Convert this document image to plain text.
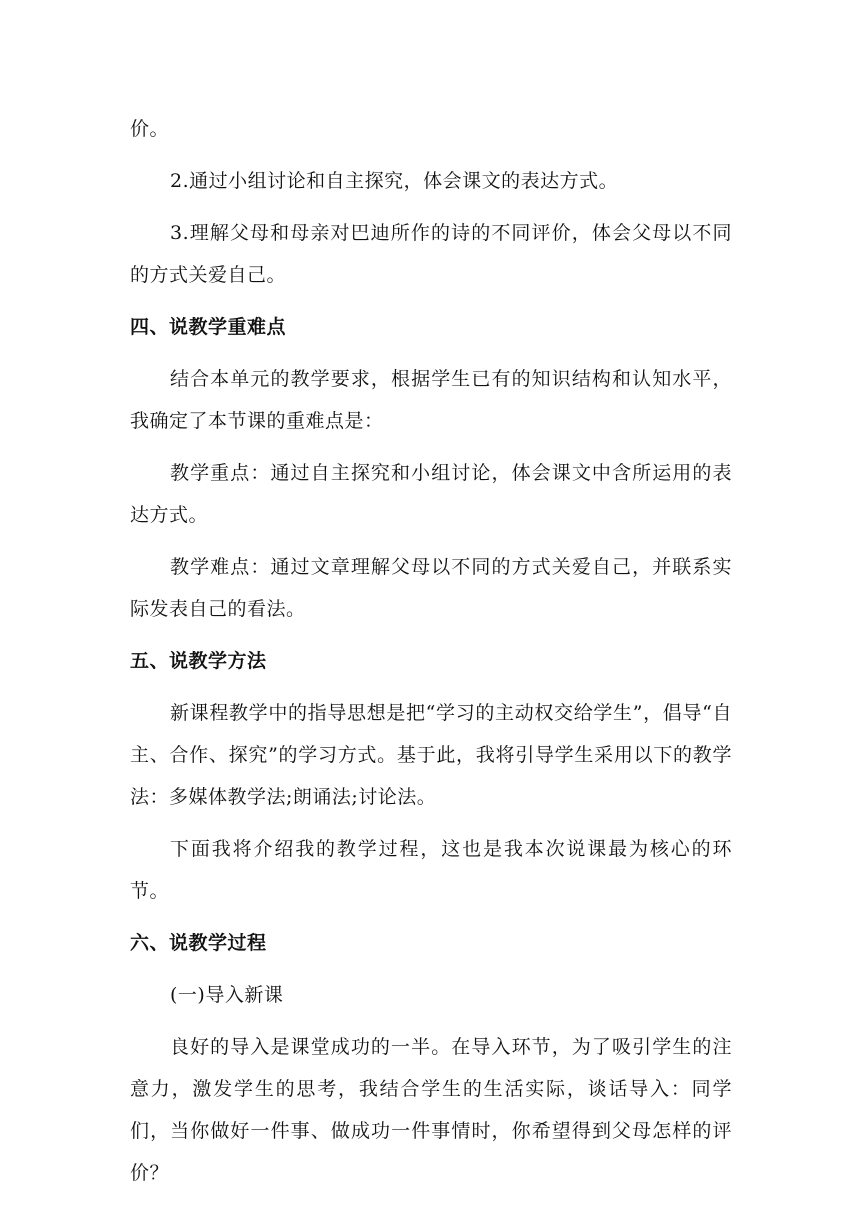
价。

2.通过小组讨论和自主探究，体会课文的表达方式。

3.理解父母和母亲对巴迪所作的诗的不同评价，体会父母以不同的方式关爱自己。

四、说教学重难点

结合本单元的教学要求，根据学生已有的知识结构和认知水平，我确定了本节课的重难点是：

教学重点：通过自主探究和小组讨论，体会课文中含所运用的表达方式。

教学难点：通过文章理解父母以不同的方式关爱自己，并联系实际发表自己的看法。

五、说教学方法

新课程教学中的指导思想是把“学习的主动权交给学生”，倡导“自主、合作、探究”的学习方式。基于此，我将引导学生采用以下的教学法：多媒体教学法;朗诵法;讨论法。

下面我将介绍我的教学过程，这也是我本次说课最为核心的环节。

六、说教学过程

(一)导入新课

良好的导入是课堂成功的一半。在导入环节，为了吸引学生的注意力，激发学生的思考，我结合学生的生活实际，谈话导入：同学们，当你做好一件事、做成功一件事情时，你希望得到父母怎样的评价？
